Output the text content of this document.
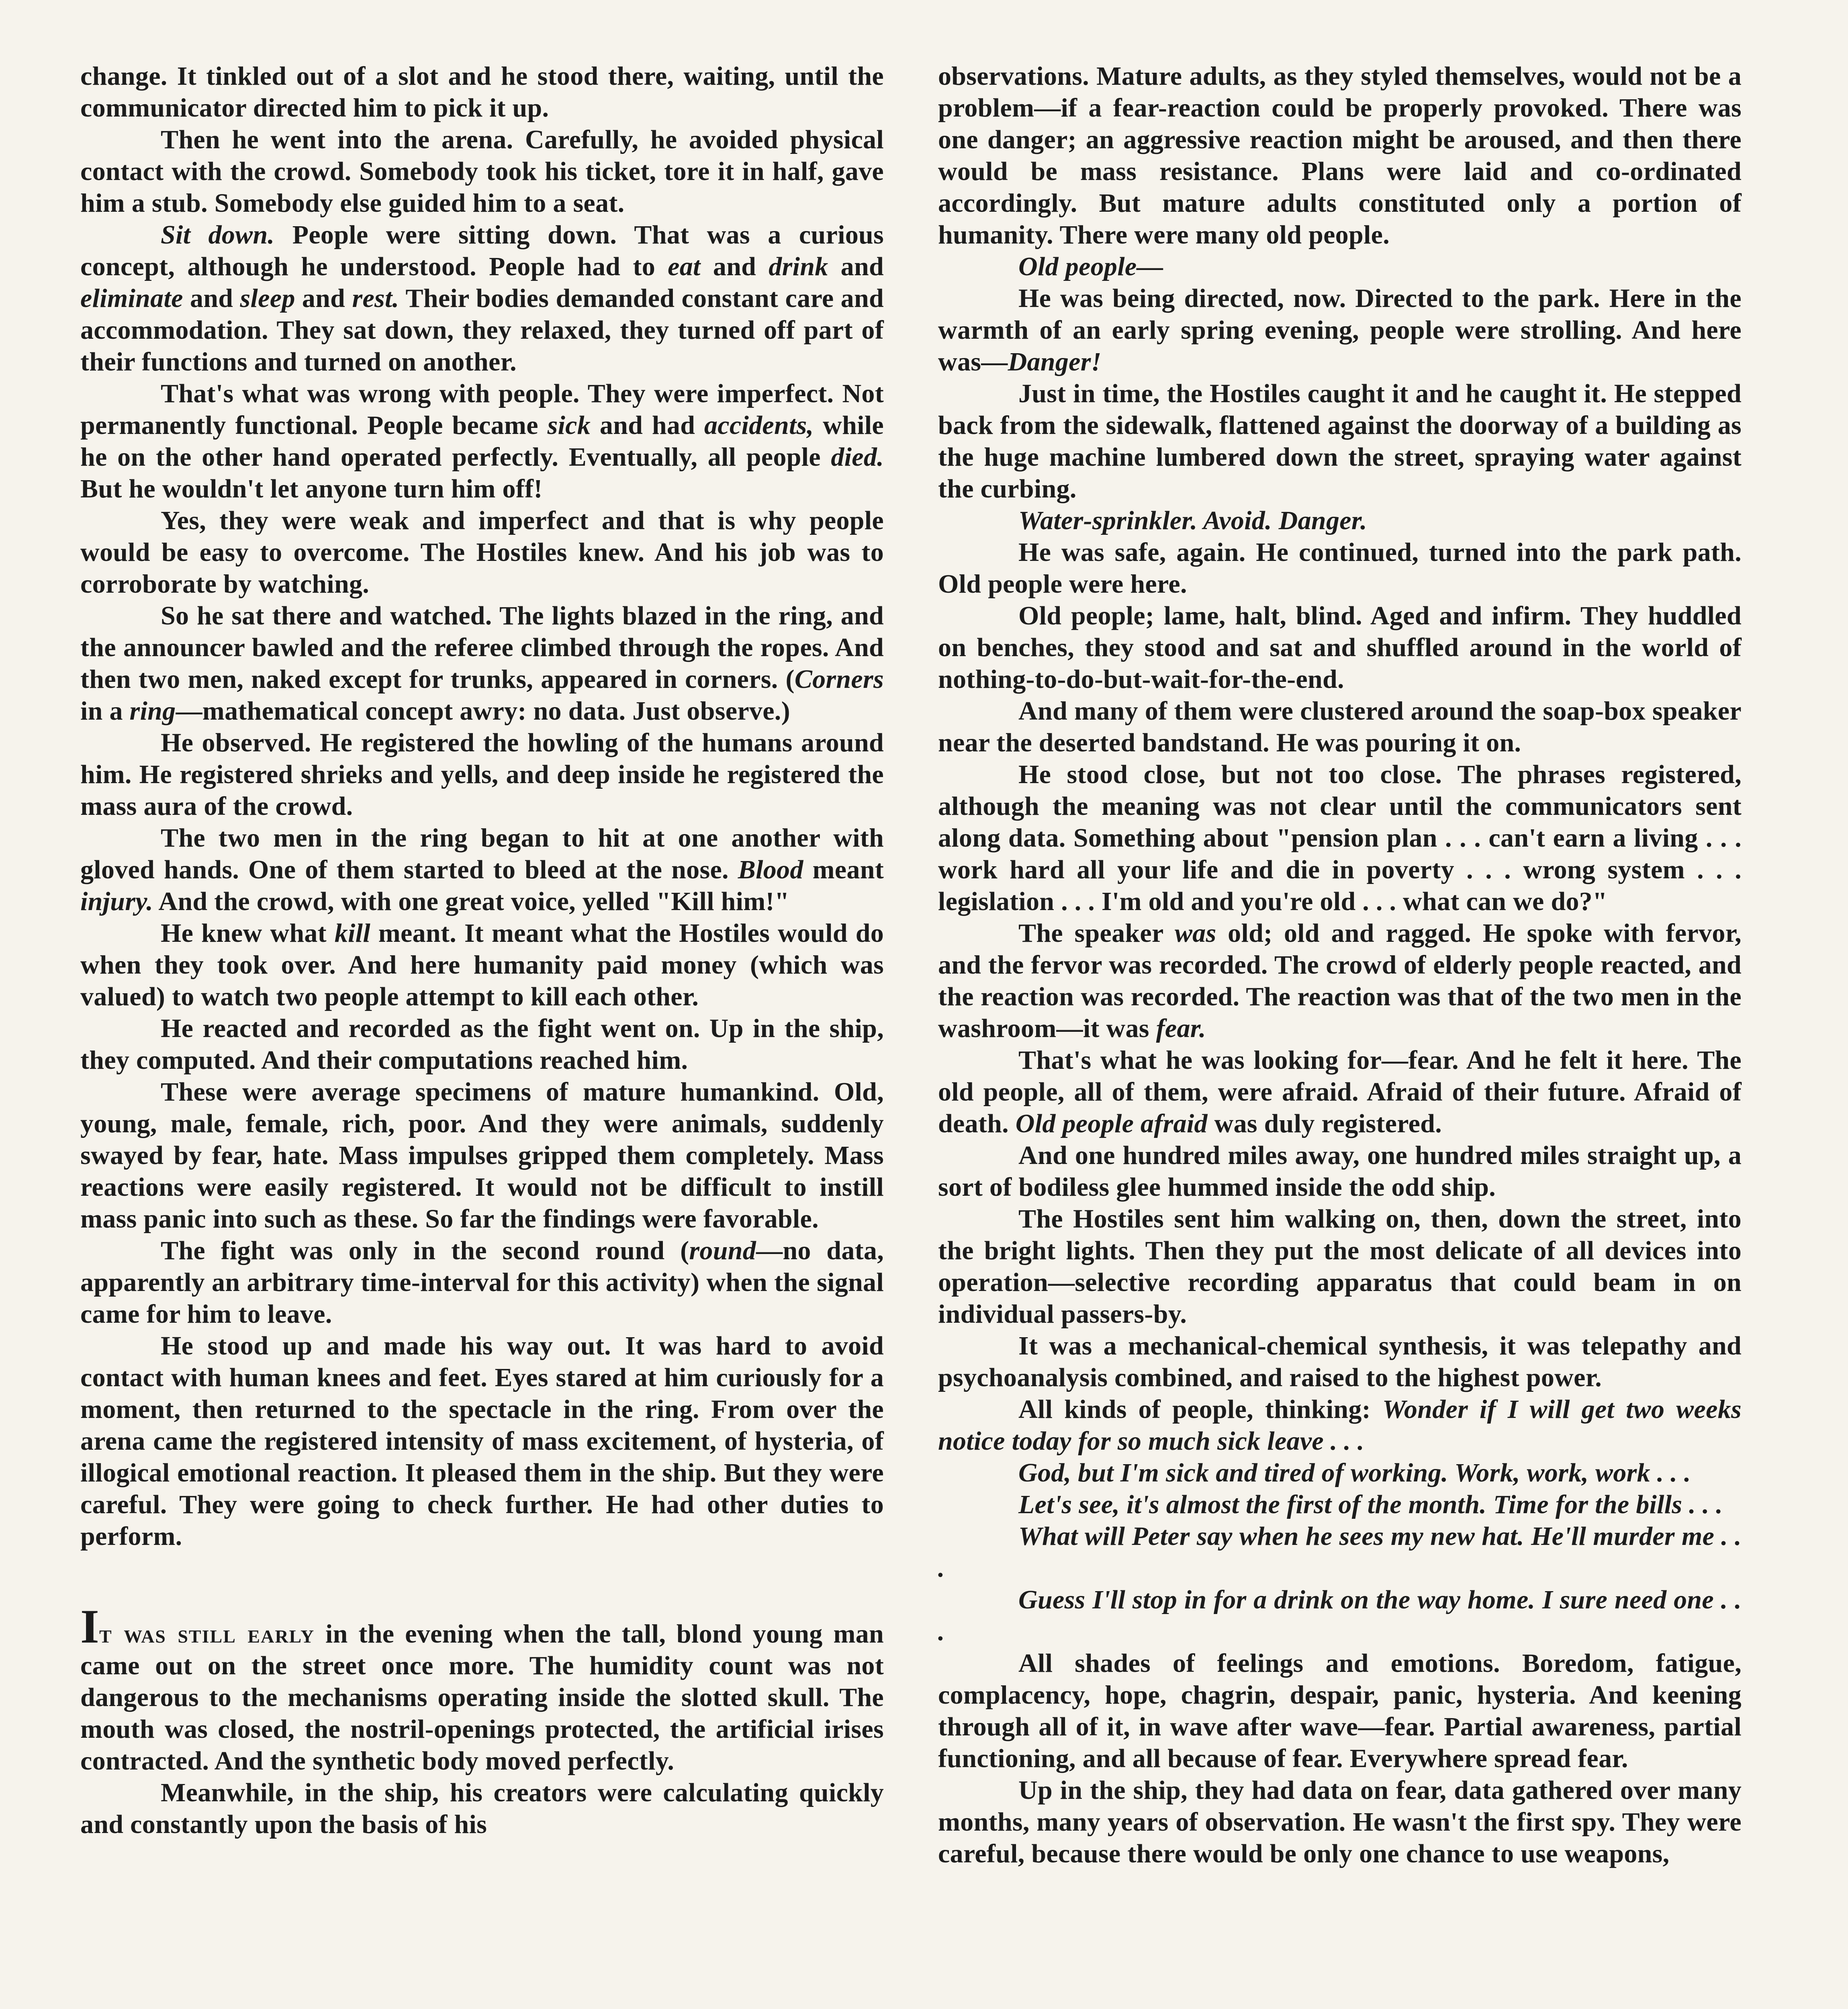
change. It tinkled out of a slot and he stood there, waiting, until the communicator directed him to pick it up.

Then he went into the arena. Carefully, he avoided physical contact with the crowd. Somebody took his ticket, tore it in half, gave him a stub. Somebody else guided him to a seat.

Sit down. People were sitting down. That was a curious concept, although he understood. People had to eat and drink and eliminate and sleep and rest. Their bodies demanded constant care and accommodation. They sat down, they relaxed, they turned off part of their functions and turned on another.

That's what was wrong with people. They were imperfect. Not permanently functional. People became sick and had accidents, while he on the other hand operated perfectly. Eventually, all people died. But he wouldn't let anyone turn him off!

Yes, they were weak and imperfect and that is why people would be easy to overcome. The Hostiles knew. And his job was to corroborate by watching.

So he sat there and watched. The lights blazed in the ring, and the announcer bawled and the referee climbed through the ropes. And then two men, naked except for trunks, appeared in corners. (Corners in a ring—mathematical concept awry: no data. Just observe.)

He observed. He registered the howling of the humans around him. He registered shrieks and yells, and deep inside he registered the mass aura of the crowd.

The two men in the ring began to hit at one another with gloved hands. One of them started to bleed at the nose. Blood meant injury. And the crowd, with one great voice, yelled "Kill him!"

He knew what kill meant. It meant what the Hostiles would do when they took over. And here humanity paid money (which was valued) to watch two people attempt to kill each other.

He reacted and recorded as the fight went on. Up in the ship, they computed. And their computations reached him.

These were average specimens of mature humankind. Old, young, male, female, rich, poor. And they were animals, suddenly swayed by fear, hate. Mass impulses gripped them completely. Mass reactions were easily registered. It would not be difficult to instill mass panic into such as these. So far the findings were favorable.

The fight was only in the second round (round—no data, apparently an arbitrary time-interval for this activity) when the signal came for him to leave.

He stood up and made his way out. It was hard to avoid contact with human knees and feet. Eyes stared at him curiously for a moment, then returned to the spectacle in the ring. From over the arena came the registered intensity of mass excitement, of hysteria, of illogical emotional reaction. It pleased them in the ship. But they were careful. They were going to check further. He had other duties to perform.

It was still early in the evening when the tall, blond young man came out on the street once more. The humidity count was not dangerous to the mechanisms operating inside the slotted skull. The mouth was closed, the nostril-openings protected, the artificial irises contracted. And the synthetic body moved perfectly.

Meanwhile, in the ship, his creators were calculating quickly and constantly upon the basis of his

observations. Mature adults, as they styled themselves, would not be a problem—if a fear-reaction could be properly provoked. There was one danger; an aggressive reaction might be aroused, and then there would be mass resistance. Plans were laid and co-ordinated accordingly. But mature adults constituted only a portion of humanity. There were many old people.

Old people—

He was being directed, now. Directed to the park. Here in the warmth of an early spring evening, people were strolling. And here was—Danger!

Just in time, the Hostiles caught it and he caught it. He stepped back from the sidewalk, flattened against the doorway of a building as the huge machine lumbered down the street, spraying water against the curbing.

Water-sprinkler. Avoid. Danger.

He was safe, again. He continued, turned into the park path. Old people were here.

Old people; lame, halt, blind. Aged and infirm. They huddled on benches, they stood and sat and shuffled around in the world of nothing-to-do-but-wait-for-the-end.

And many of them were clustered around the soap-box speaker near the deserted bandstand. He was pouring it on.

He stood close, but not too close. The phrases registered, although the meaning was not clear until the communicators sent along data. Something about "pension plan . . . can't earn a living . . . work hard all your life and die in poverty . . . wrong system . . . legislation . . . I'm old and you're old . . . what can we do?"

The speaker was old; old and ragged. He spoke with fervor, and the fervor was recorded. The crowd of elderly people reacted, and the reaction was recorded. The reaction was that of the two men in the washroom—it was fear.

That's what he was looking for—fear. And he felt it here. The old people, all of them, were afraid. Afraid of their future. Afraid of death. Old people afraid was duly registered.

And one hundred miles away, one hundred miles straight up, a sort of bodiless glee hummed inside the odd ship.

The Hostiles sent him walking on, then, down the street, into the bright lights. Then they put the most delicate of all devices into operation—selective recording apparatus that could beam in on individual passers-by.

It was a mechanical-chemical synthesis, it was telepathy and psychoanalysis combined, and raised to the highest power.

All kinds of people, thinking: Wonder if I will get two weeks notice today for so much sick leave . . .

God, but I'm sick and tired of working. Work, work, work . . .

Let's see, it's almost the first of the month. Time for the bills . . .

What will Peter say when he sees my new hat. He'll murder me . . .

Guess I'll stop in for a drink on the way home. I sure need one . . .

All shades of feelings and emotions. Boredom, fatigue, complacency, hope, chagrin, despair, panic, hysteria. And keening through all of it, in wave after wave—fear. Partial awareness, partial functioning, and all because of fear. Everywhere spread fear.

Up in the ship, they had data on fear, data gathered over many months, many years of observation. He wasn't the first spy. They were careful, because there would be only one chance to use weapons,
